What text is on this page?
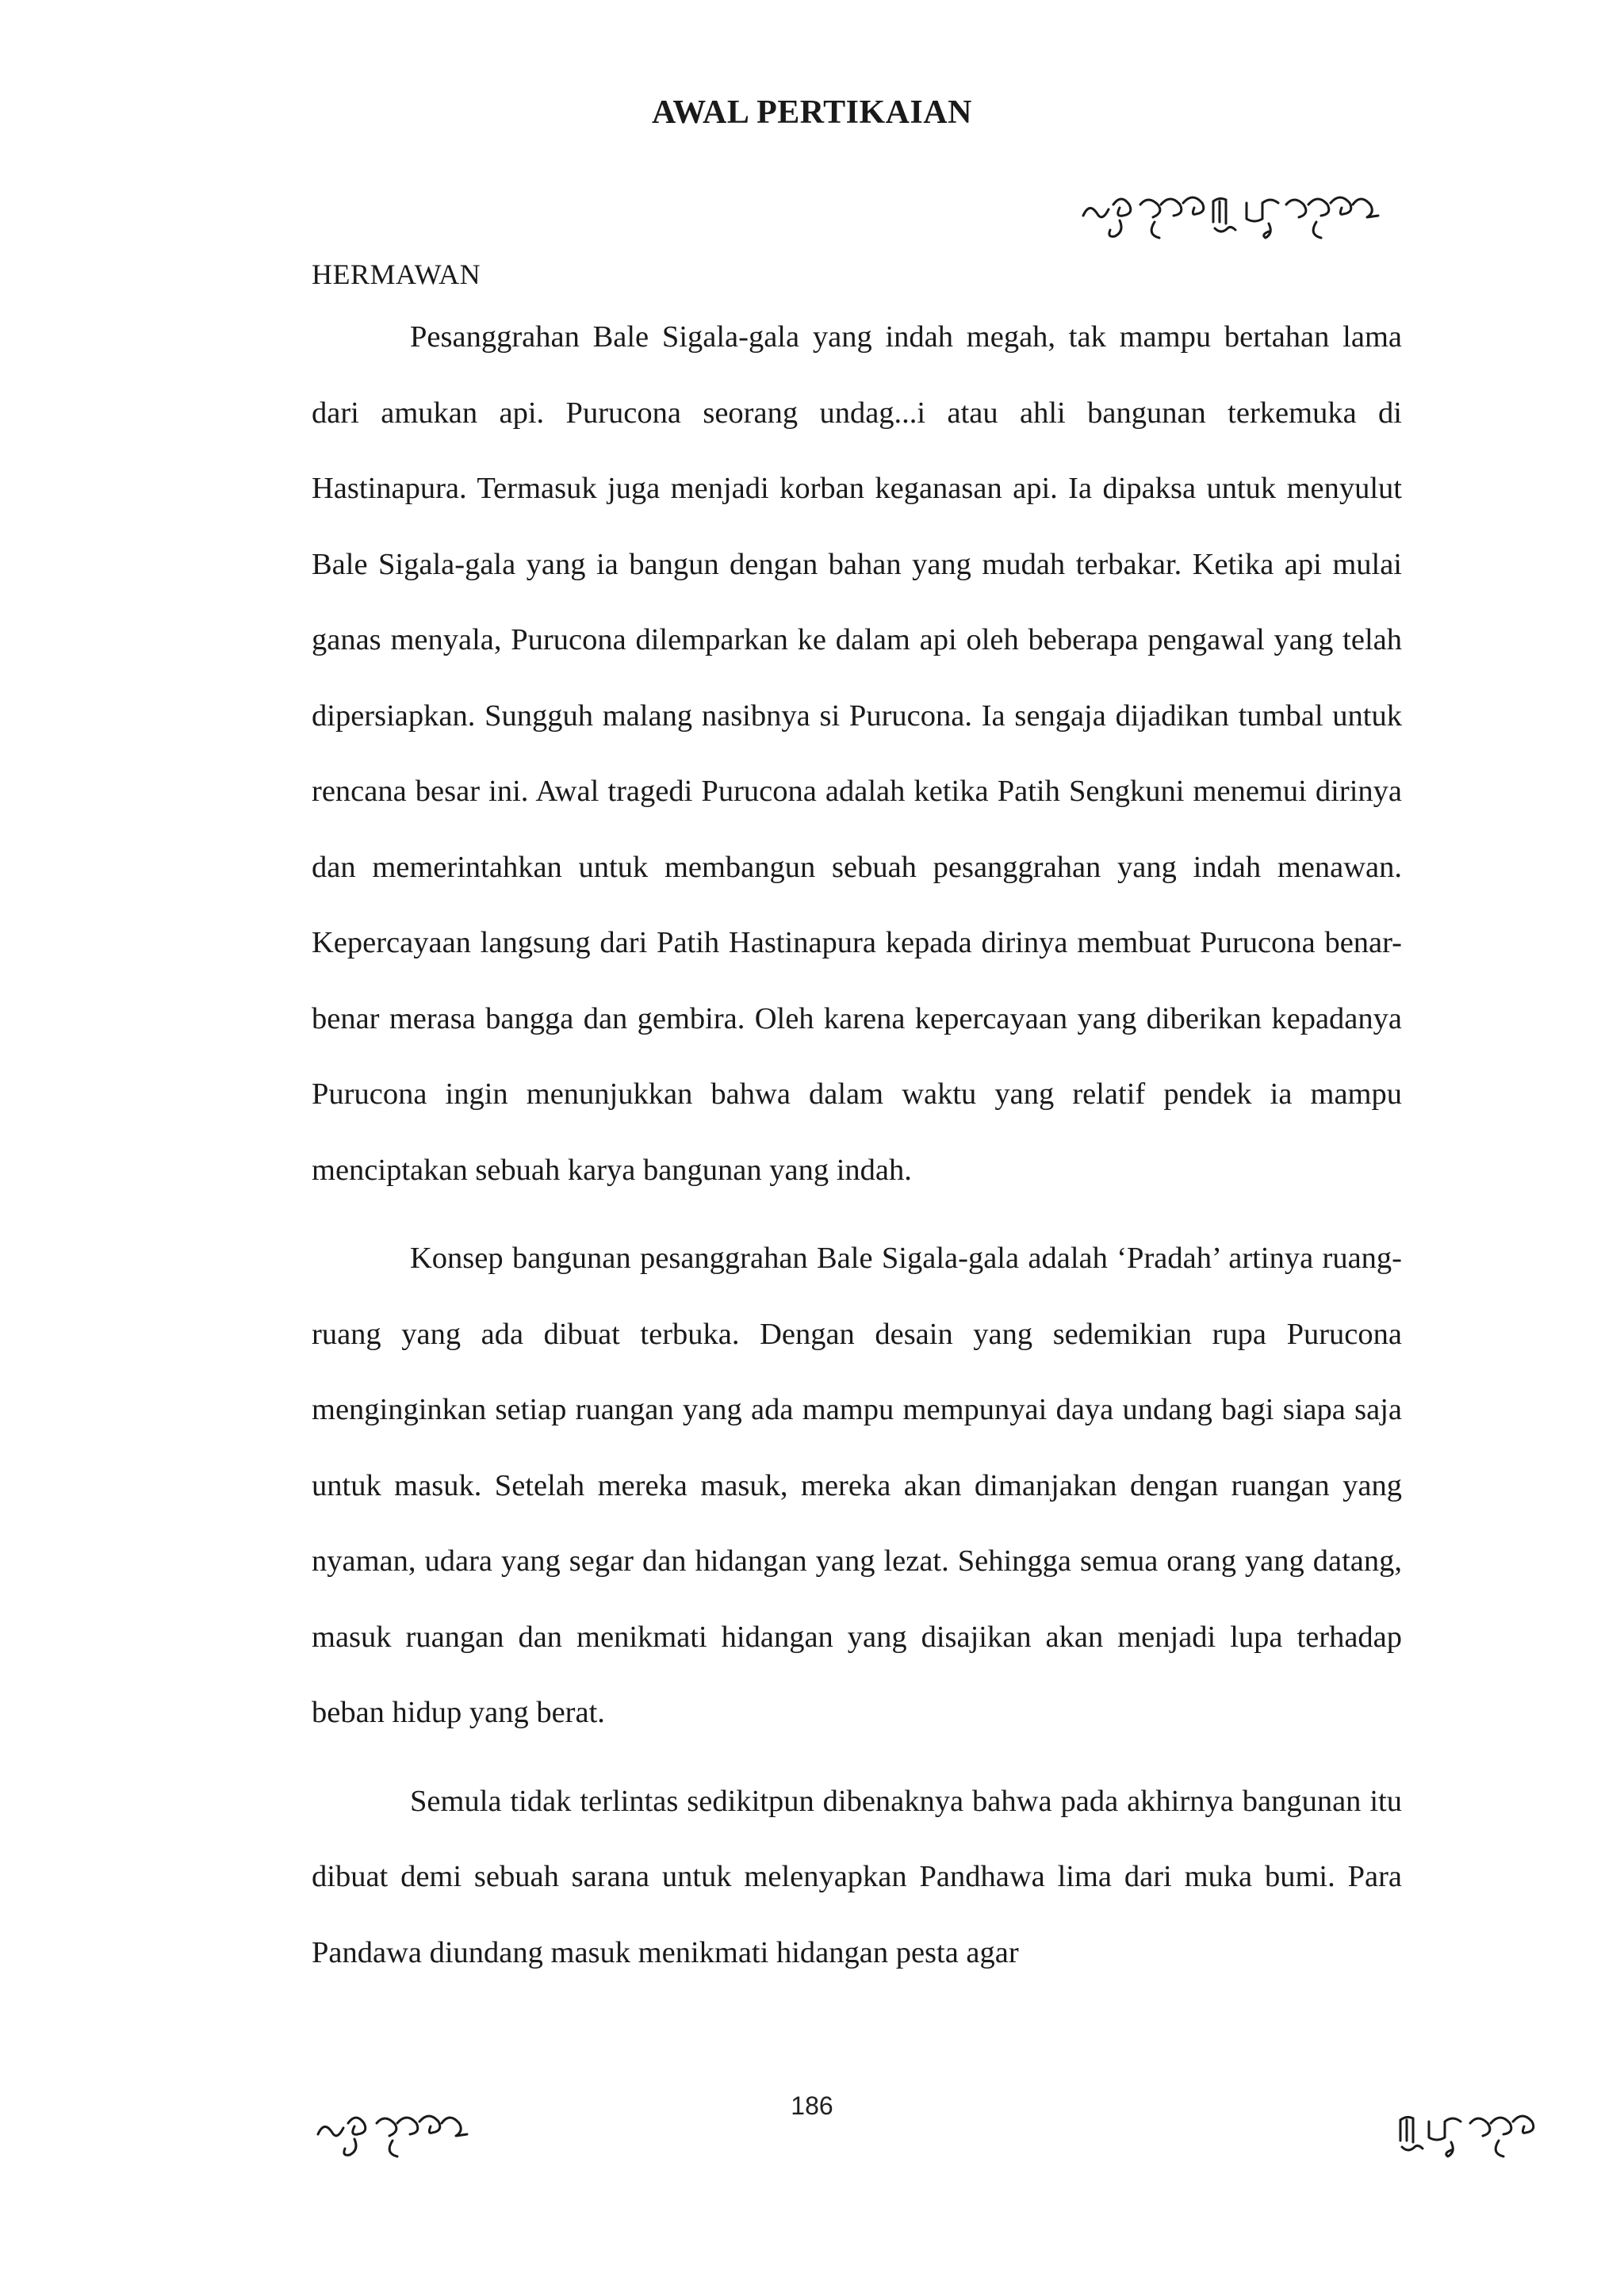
AWAL PERTIKAIAN
HERMAWAN

Pesanggrahan Bale Sigala-gala yang indah megah, tak mampu bertahan lama dari amukan api. Purucona seorang undag...i atau ahli bangunan terkemuka di Hastinapura. Termasuk juga menjadi korban keganasan api. Ia dipaksa untuk menyulut Bale Sigala-gala yang ia bangun dengan bahan yang mudah terbakar. Ketika api mulai ganas menyala, Purucona dilemparkan ke dalam api oleh beberapa pengawal yang telah dipersiapkan. Sungguh malang nasibnya si Purucona. Ia sengaja dijadikan tumbal untuk rencana besar ini. Awal tragedi Purucona adalah ketika Patih Sengkuni menemui dirinya dan memerintahkan untuk membangun sebuah pesanggrahan yang indah menawan. Kepercayaan langsung dari Patih Hastinapura kepada dirinya membuat Purucona benar-benar merasa bangga dan gembira. Oleh karena kepercayaan yang diberikan kepadanya Purucona ingin menunjukkan bahwa dalam waktu yang relatif pendek ia mampu menciptakan sebuah karya bangunan yang indah.

Konsep bangunan pesanggrahan Bale Sigala-gala adalah ‘Pradah’ artinya ruang-ruang yang ada dibuat terbuka. Dengan desain yang sedemikian rupa Purucona menginginkan setiap ruangan yang ada mampu mempunyai daya undang bagi siapa saja untuk masuk. Setelah mereka masuk, mereka akan dimanjakan dengan ruangan yang nyaman, udara yang segar dan hidangan yang lezat. Sehingga semua orang yang datang, masuk ruangan dan menikmati hidangan yang disajikan akan menjadi lupa terhadap beban hidup yang berat.

Semula tidak terlintas sedikitpun dibenaknya bahwa pada akhirnya bangunan itu dibuat demi sebuah sarana untuk melenyapkan Pandhawa lima dari muka bumi. Para Pandawa diundang masuk menikmati hidangan pesta agar

186
